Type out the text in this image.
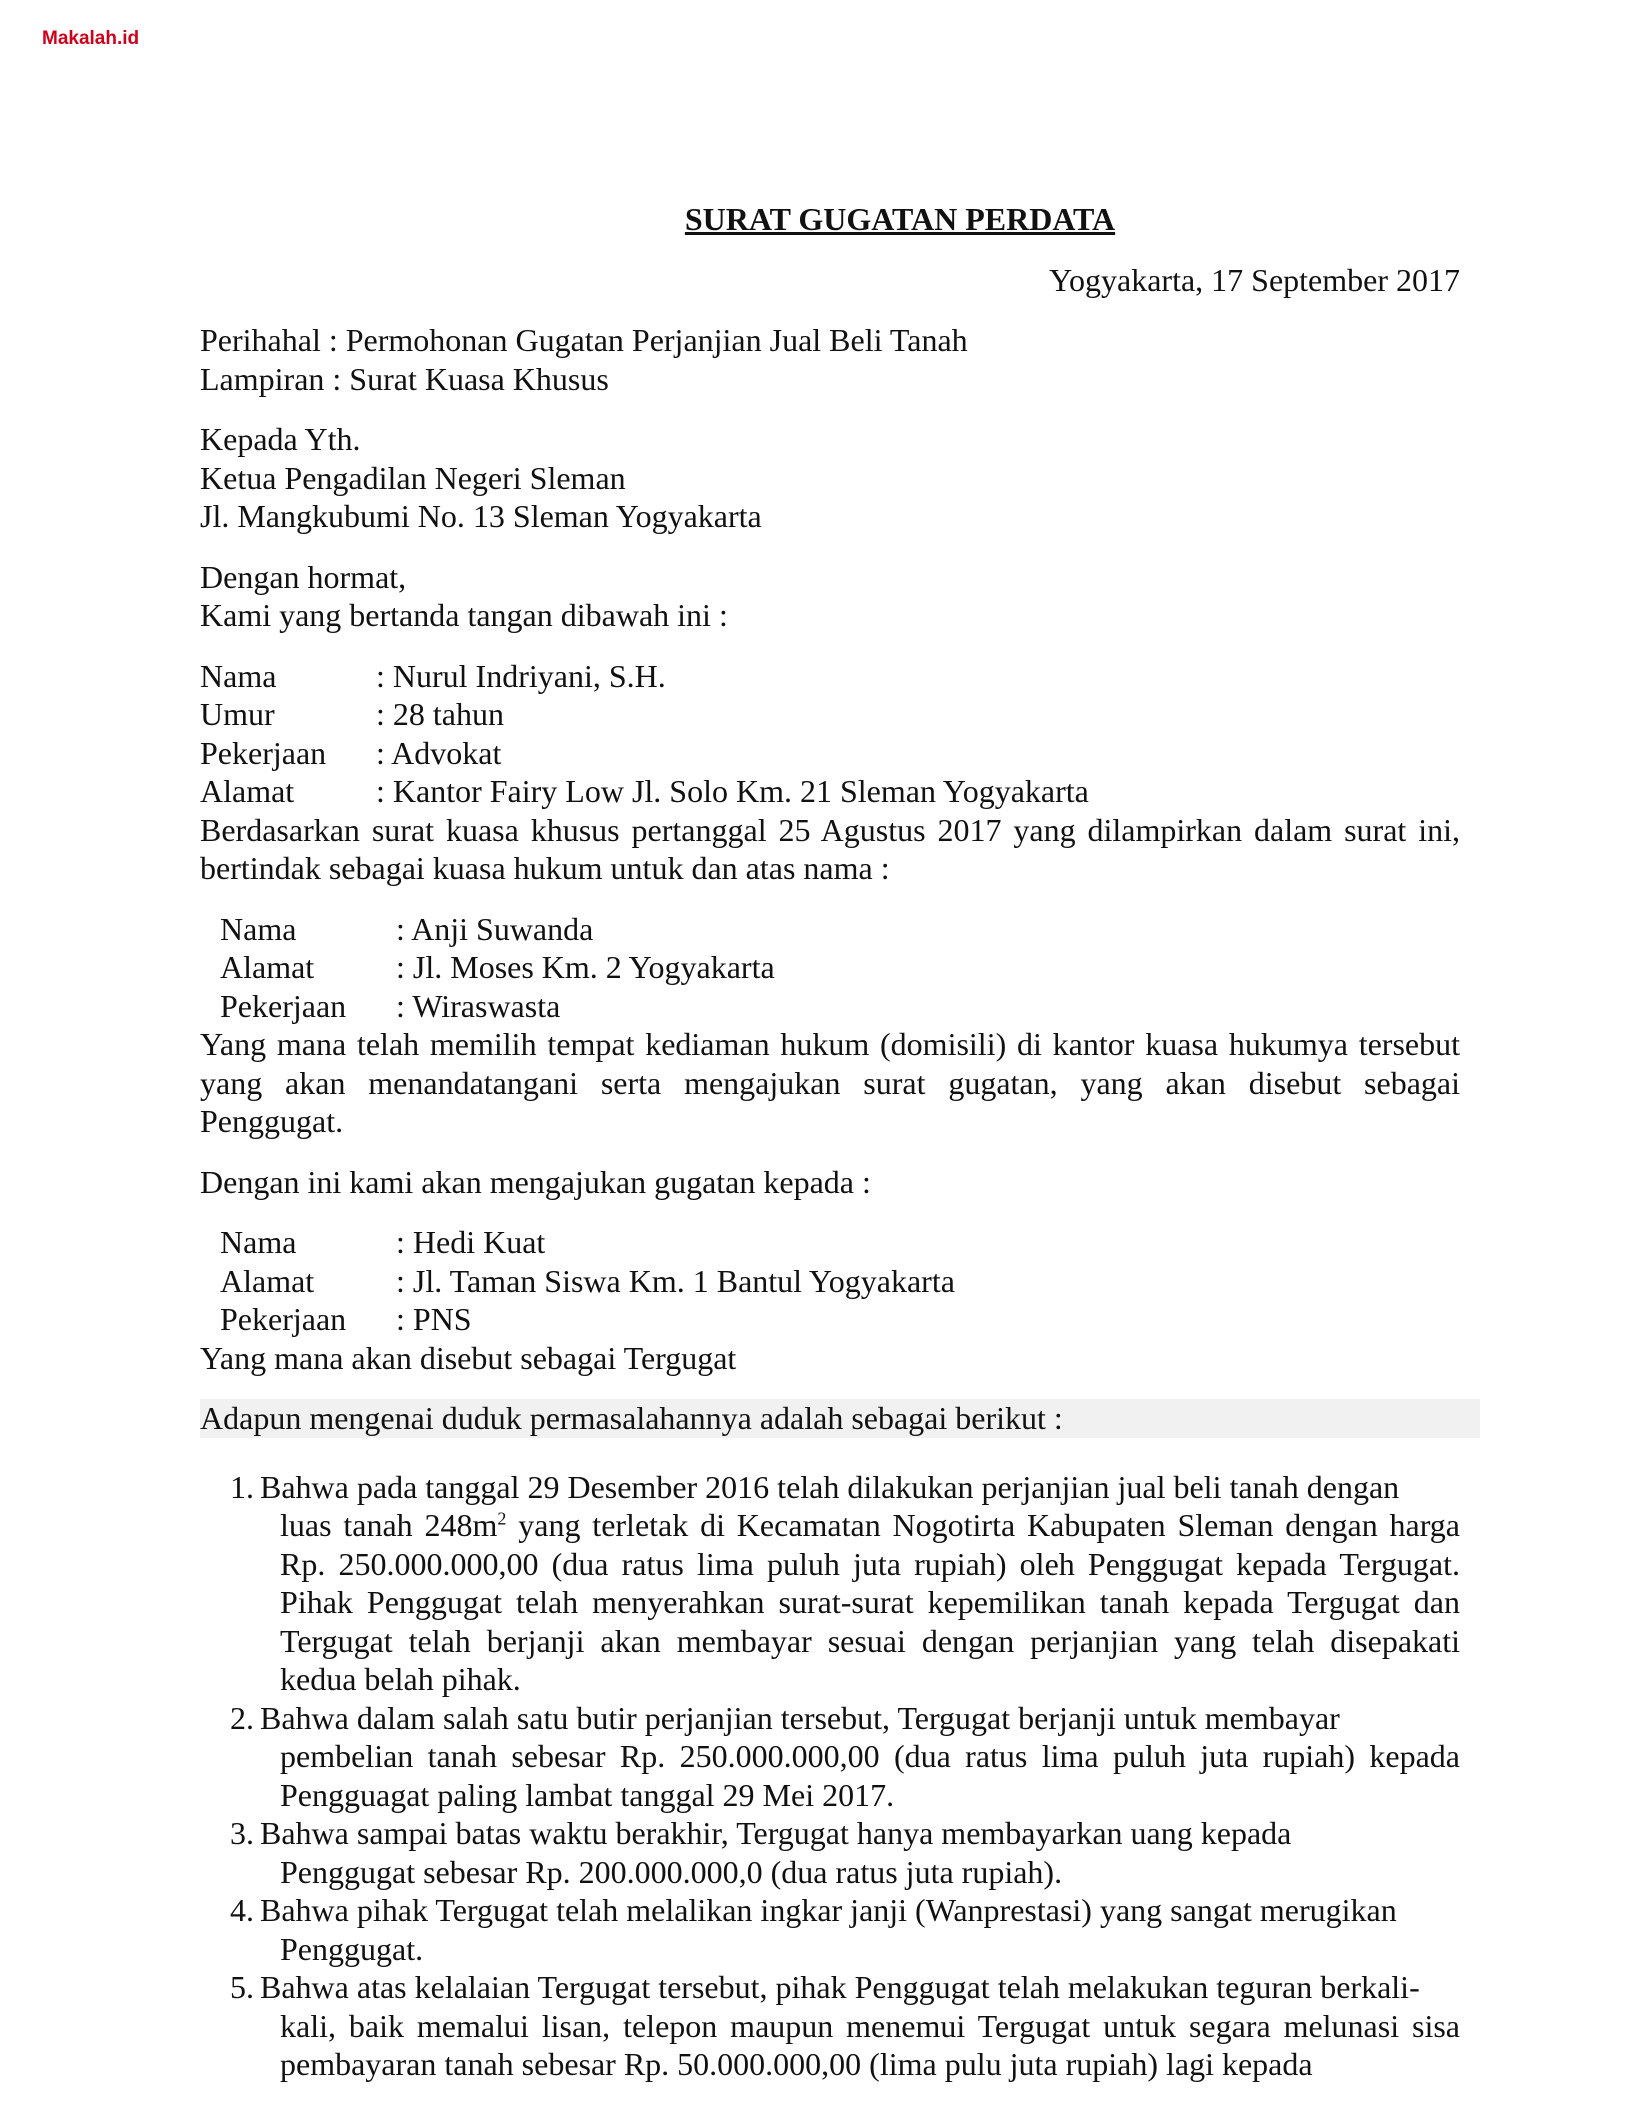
Makalah.id
SURAT GUGATAN PERDATA
Yogyakarta, 17 September 2017
Perihahal : Permohonan Gugatan Perjanjian Jual Beli Tanah
Lampiran : Surat Kuasa Khusus
Kepada Yth.
Ketua Pengadilan Negeri Sleman
Jl. Mangkubumi No. 13 Sleman Yogyakarta
Dengan hormat,
Kami yang bertanda tangan dibawah ini :
Nama	: Nurul Indriyani, S.H.
Umur	: 28 tahun
Pekerjaan	: Advokat
Alamat	: Kantor Fairy Low Jl. Solo Km. 21 Sleman Yogyakarta
Berdasarkan surat kuasa khusus pertanggal 25 Agustus 2017 yang dilampirkan dalam surat ini, bertindak sebagai kuasa hukum untuk dan atas nama :
Nama	: Anji Suwanda
Alamat	: Jl. Moses Km. 2 Yogyakarta
Pekerjaan	: Wiraswasta
Yang mana telah memilih tempat kediaman hukum (domisili) di kantor kuasa hukumya tersebut yang akan menandatangani serta mengajukan surat gugatan, yang akan disebut sebagai Penggugat.
Dengan ini kami akan mengajukan gugatan kepada :
Nama	: Hedi Kuat
Alamat	: Jl. Taman Siswa Km. 1 Bantul Yogyakarta
Pekerjaan	: PNS
Yang mana akan disebut sebagai Tergugat
Adapun mengenai duduk permasalahannya adalah sebagai berikut :
1. Bahwa pada tanggal 29 Desember 2016 telah dilakukan perjanjian jual beli tanah dengan
luas tanah $248m^2$ yang terletak di Kecamatan Nogotirta Kabupaten Sleman dengan harga Rp. 250.000.000,00 (dua ratus lima puluh juta rupiah) oleh Penggugat kepada Tergugat. Pihak Penggugat telah menyerahkan surat-surat kepemilikan tanah kepada Tergugat dan Tergugat telah berjanji akan membayar sesuai dengan perjanjian yang telah disepakati kedua belah pihak.
2. Bahwa dalam salah satu butir perjanjian tersebut, Tergugat berjanji untuk membayar
pembelian tanah sebesar Rp. 250.000.000,00 (dua ratus lima puluh juta rupiah) kepada Pengguagat paling lambat tanggal 29 Mei 2017.
3. Bahwa sampai batas waktu berakhir, Tergugat hanya membayarkan uang kepada
Penggugat sebesar Rp. 200.000.000,0 (dua ratus juta rupiah).
4. Bahwa pihak Tergugat telah melalikan ingkar janji (Wanprestasi) yang sangat merugikan
Penggugat.
5. Bahwa atas kelalaian Tergugat tersebut, pihak Penggugat telah melakukan teguran berkali-
kali, baik memalui lisan, telepon maupun menemui Tergugat untuk segara melunasi sisa pembayaran tanah sebesar Rp. 50.000.000,00 (lima pulu juta rupiah) lagi kepada
